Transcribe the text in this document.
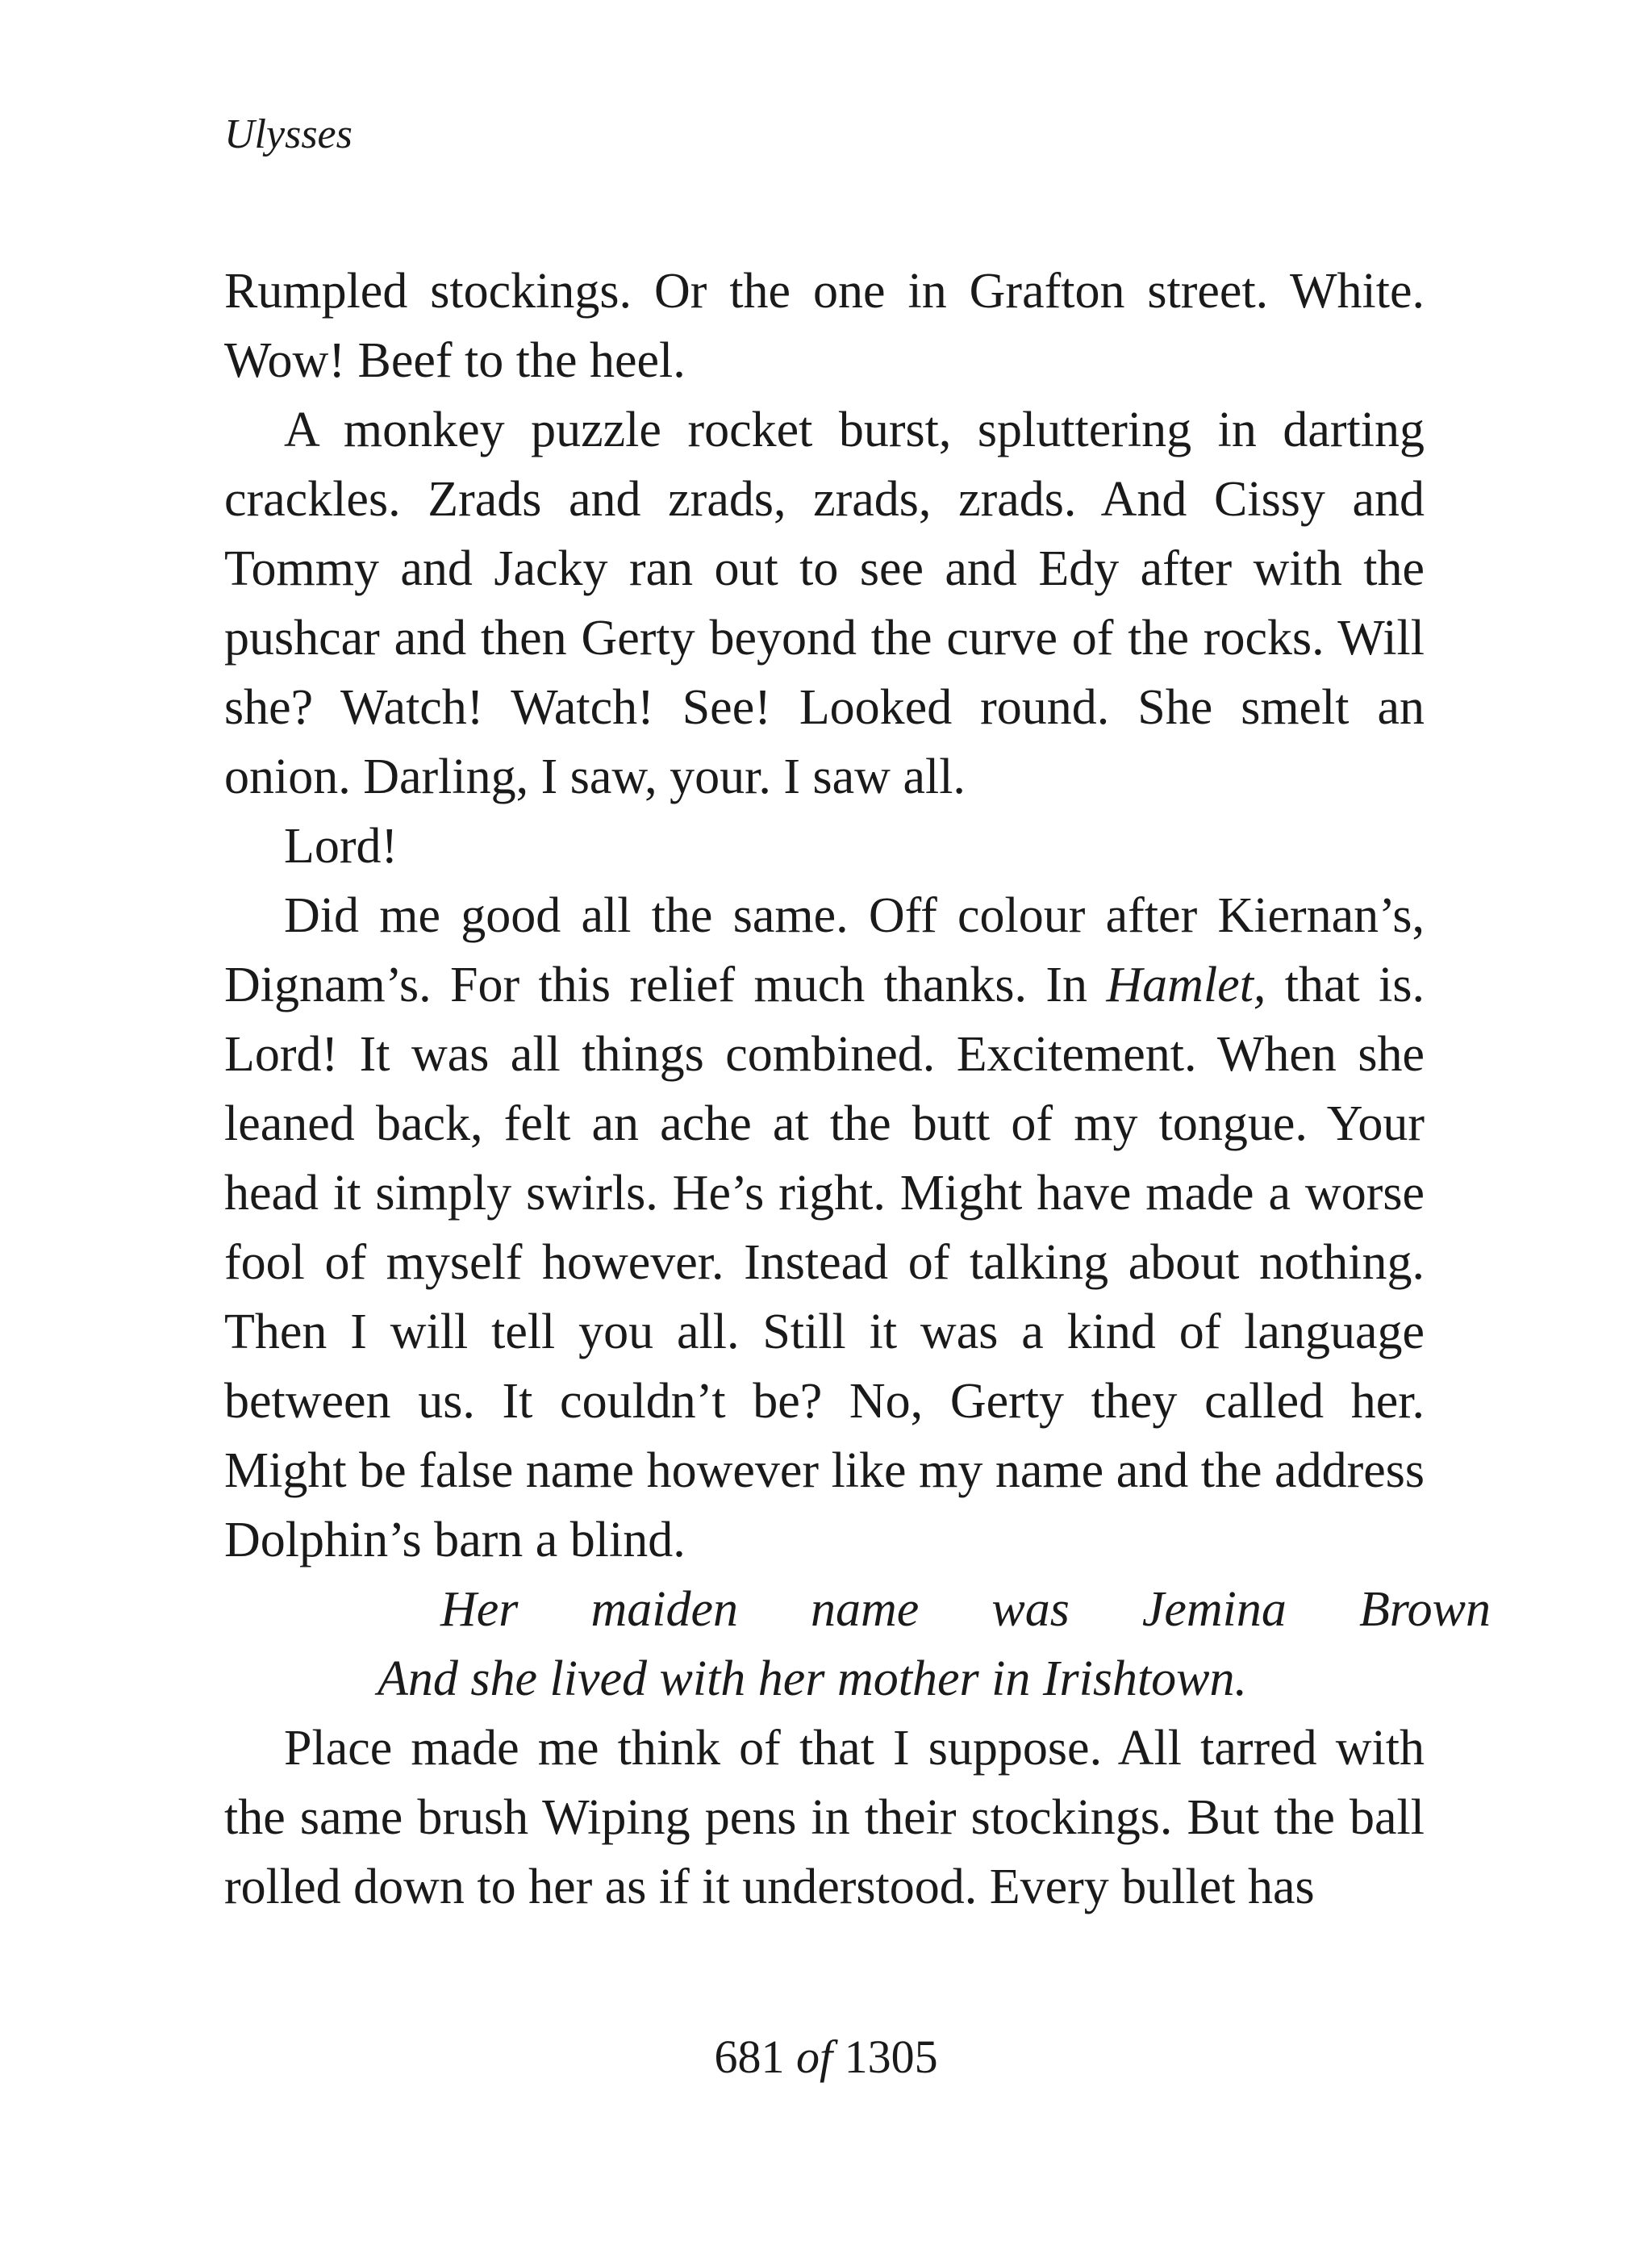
Ulysses

Rumpled stockings. Or the one in Grafton street. White. Wow! Beef to the heel.

A monkey puzzle rocket burst, spluttering in darting crackles. Zrads and zrads, zrads, zrads. And Cissy and Tommy and Jacky ran out to see and Edy after with the pushcar and then Gerty beyond the curve of the rocks. Will she? Watch! Watch! See! Looked round. She smelt an onion. Darling, I saw, your. I saw all.

Lord!

Did me good all the same. Off colour after Kiernan’s, Dignam’s. For this relief much thanks. In Hamlet, that is. Lord! It was all things combined. Excitement. When she leaned back, felt an ache at the butt of my tongue. Your head it simply swirls. He’s right. Might have made a worse fool of myself however. Instead of talking about nothing. Then I will tell you all. Still it was a kind of language between us. It couldn’t be? No, Gerty they called her. Might be false name however like my name and the address Dolphin’s barn a blind.

Her maiden name was Jemina Brown
And she lived with her mother in Irishtown.

Place made me think of that I suppose. All tarred with the same brush Wiping pens in their stockings. But the ball rolled down to her as if it understood. Every bullet has

681 of 1305
